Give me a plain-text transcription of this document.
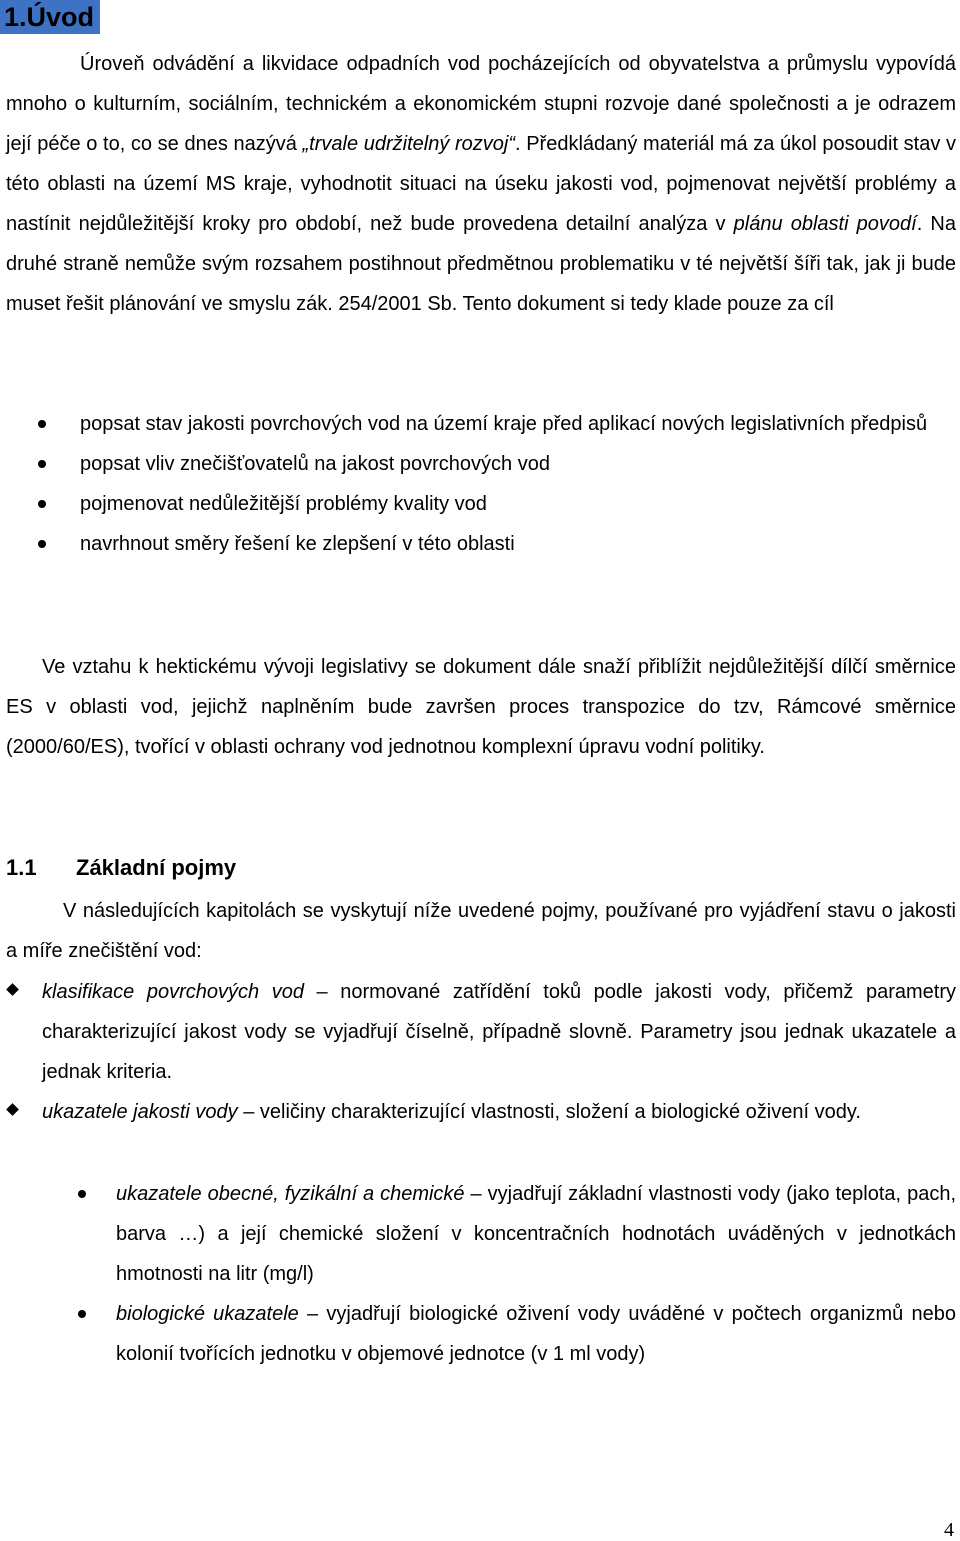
1.Úvod

Úroveň odvádění a likvidace odpadních vod pocházejících od obyvatelstva a průmyslu vypovídá mnoho o kulturním, sociálním, technickém a ekonomickém stupni rozvoje dané společnosti a je odrazem její péče o to, co se dnes nazývá „trvale udržitelný rozvoj“. Předkládaný materiál má za úkol posoudit stav v této oblasti na území MS kraje, vyhodnotit situaci na úseku jakosti vod, pojmenovat největší problémy a nastínit nejdůležitější kroky pro období, než bude provedena detailní analýza v plánu oblasti povodí. Na druhé straně nemůže svým rozsahem postihnout předmětnou problematiku v té největší šíři tak, jak ji bude muset řešit plánování ve smyslu zák. 254/2001 Sb. Tento dokument si tedy klade pouze za cíl

popsat stav jakosti povrchových vod na území kraje před aplikací nových legislativních předpisů
popsat vliv znečišťovatelů na jakost povrchových vod
pojmenovat nedůležitější problémy kvality vod
navrhnout směry řešení ke zlepšení v této oblasti

Ve vztahu k hektickému vývoji legislativy se dokument dále snaží přiblížit nejdůležitější dílčí směrnice ES v oblasti vod, jejichž naplněním bude završen proces transpozice do tzv, Rámcové směrnice (2000/60/ES), tvořící v oblasti ochrany vod jednotnou komplexní úpravu vodní politiky.

1.1 Základní pojmy

V následujících kapitolách se vyskytují níže uvedené pojmy, používané pro vyjádření stavu o jakosti a míře znečištění vod:

klasifikace povrchových vod – normované zatřídění toků podle jakosti vody, přičemž parametry charakterizující jakost vody se vyjadřují číselně, případně slovně. Parametry jsou jednak ukazatele a jednak kriteria.
ukazatele jakosti vody – veličiny charakterizující vlastnosti, složení a biologické oživení vody.
ukazatele obecné, fyzikální a chemické – vyjadřují základní vlastnosti vody (jako teplota, pach, barva …) a její chemické složení v koncentračních hodnotách uváděných v jednotkách hmotnosti na litr (mg/l)
biologické ukazatele – vyjadřují biologické oživení vody uváděné v počtech organizmů nebo kolonií tvořících jednotku v objemové jednotce (v 1 ml vody)
4
